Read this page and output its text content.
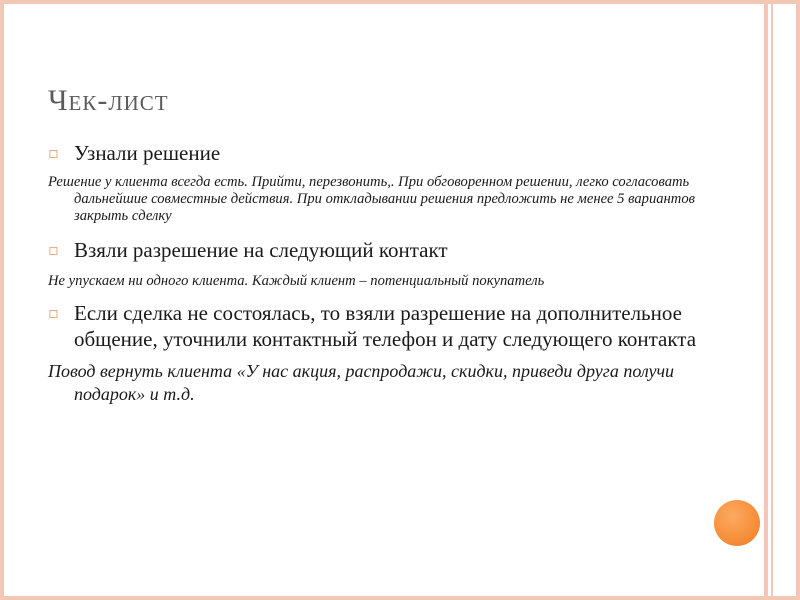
Чек-лист
▫ Узнали решение
Решение у клиента всегда есть. Прийти, перезвонить,. При обговоренном решении, легко согласовать дальнейшие совместные действия. При откладывании решения предложить не менее 5 вариантов закрыть сделку
▫ Взяли разрешение на следующий контакт
Не упускаем ни одного клиента. Каждый клиент – потенциальный покупатель
▫ Если сделка не состоялась, то взяли разрешение на дополнительное общение, уточнили контактный телефон и дату следующего контакта
Повод вернуть клиента «У нас акция, распродажи, скидки, приведи друга получи подарок» и т.д.
